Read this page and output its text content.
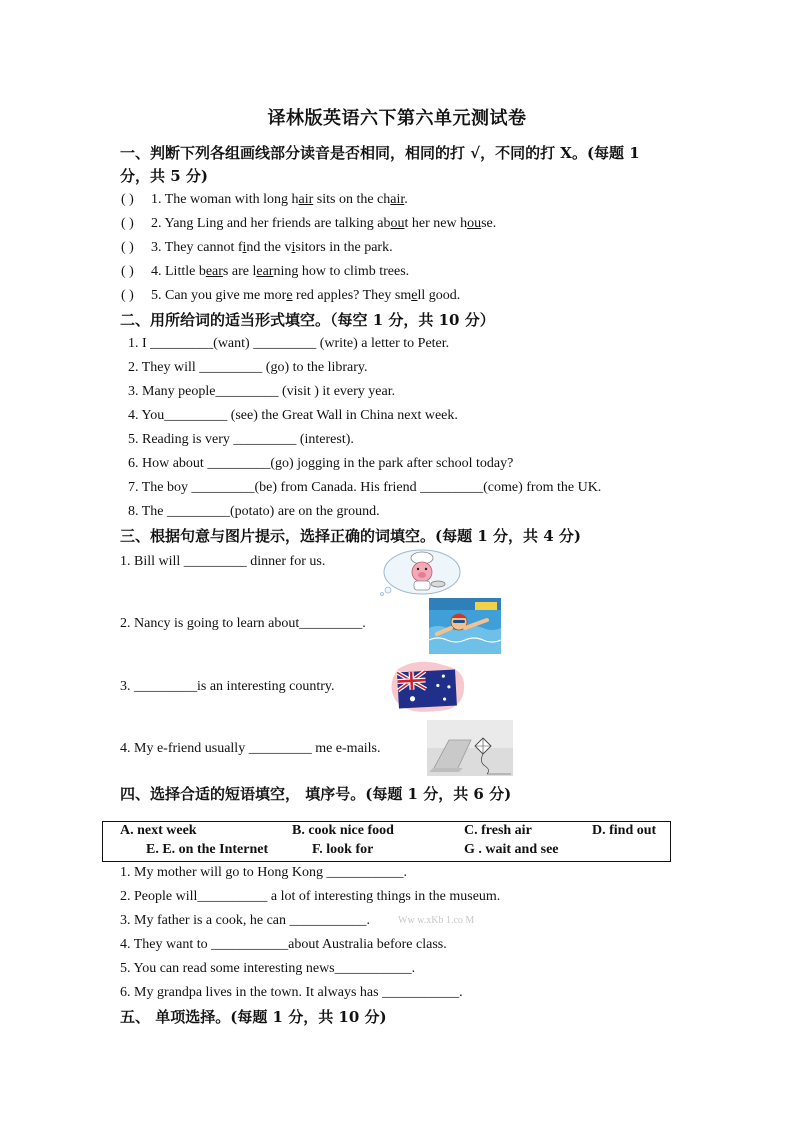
译林版英语六下第六单元测试卷
一、判断下列各组画线部分读音是否相同，相同的打 √，不同的打 X。(每题 1
分，共 5 分)
( ) 1. The woman with long hair sits on the chair.
( ) 2. Yang Ling and her friends are talking about her new house.
( ) 3. They cannot find the visitors in the park.
( ) 4. Little bears are learning how to climb trees.
( ) 5. Can you give me more red apples? They smell good.
二、用所给词的适当形式填空。（每空 1 分，共 10 分）
1. I _________(want) _________ (write) a letter to Peter.
2. They will _________ (go) to the library.
3. Many people_________ (visit ) it every year.
4. You_________ (see) the Great Wall in China next week.
5. Reading is very _________ (interest).
6. How about _________(go) jogging in the park after school today?
7. The boy _________(be) from Canada. His friend _________(come) from the UK.
8. The _________(potato) are on the ground.
三、根据句意与图片提示，选择正确的词填空。(每题 1 分，共 4 分)
1. Bill will _________ dinner for us.
2. Nancy is going to learn about_________.
3. _________is an interesting country.
4. My e-friend usually _________ me e-mails.
四、选择合适的短语填空， 填序号。(每题 1 分，共 6 分)
A. next week	B. cook nice food	C. fresh air	D. find out
E. E. on the Internet	F. look for	G . wait and see
1. My mother will go to Hong Kong ___________.
2. People will__________ a lot of interesting things in the museum.
3. My father is a cook, he can ___________.	Ww w.xKb 1.co M
4. They want to ___________about Australia before class.
5. You can read some interesting news___________.
6. My grandpa lives in the town. It always has ___________.
五、 单项选择。(每题 1 分，共 10 分)
